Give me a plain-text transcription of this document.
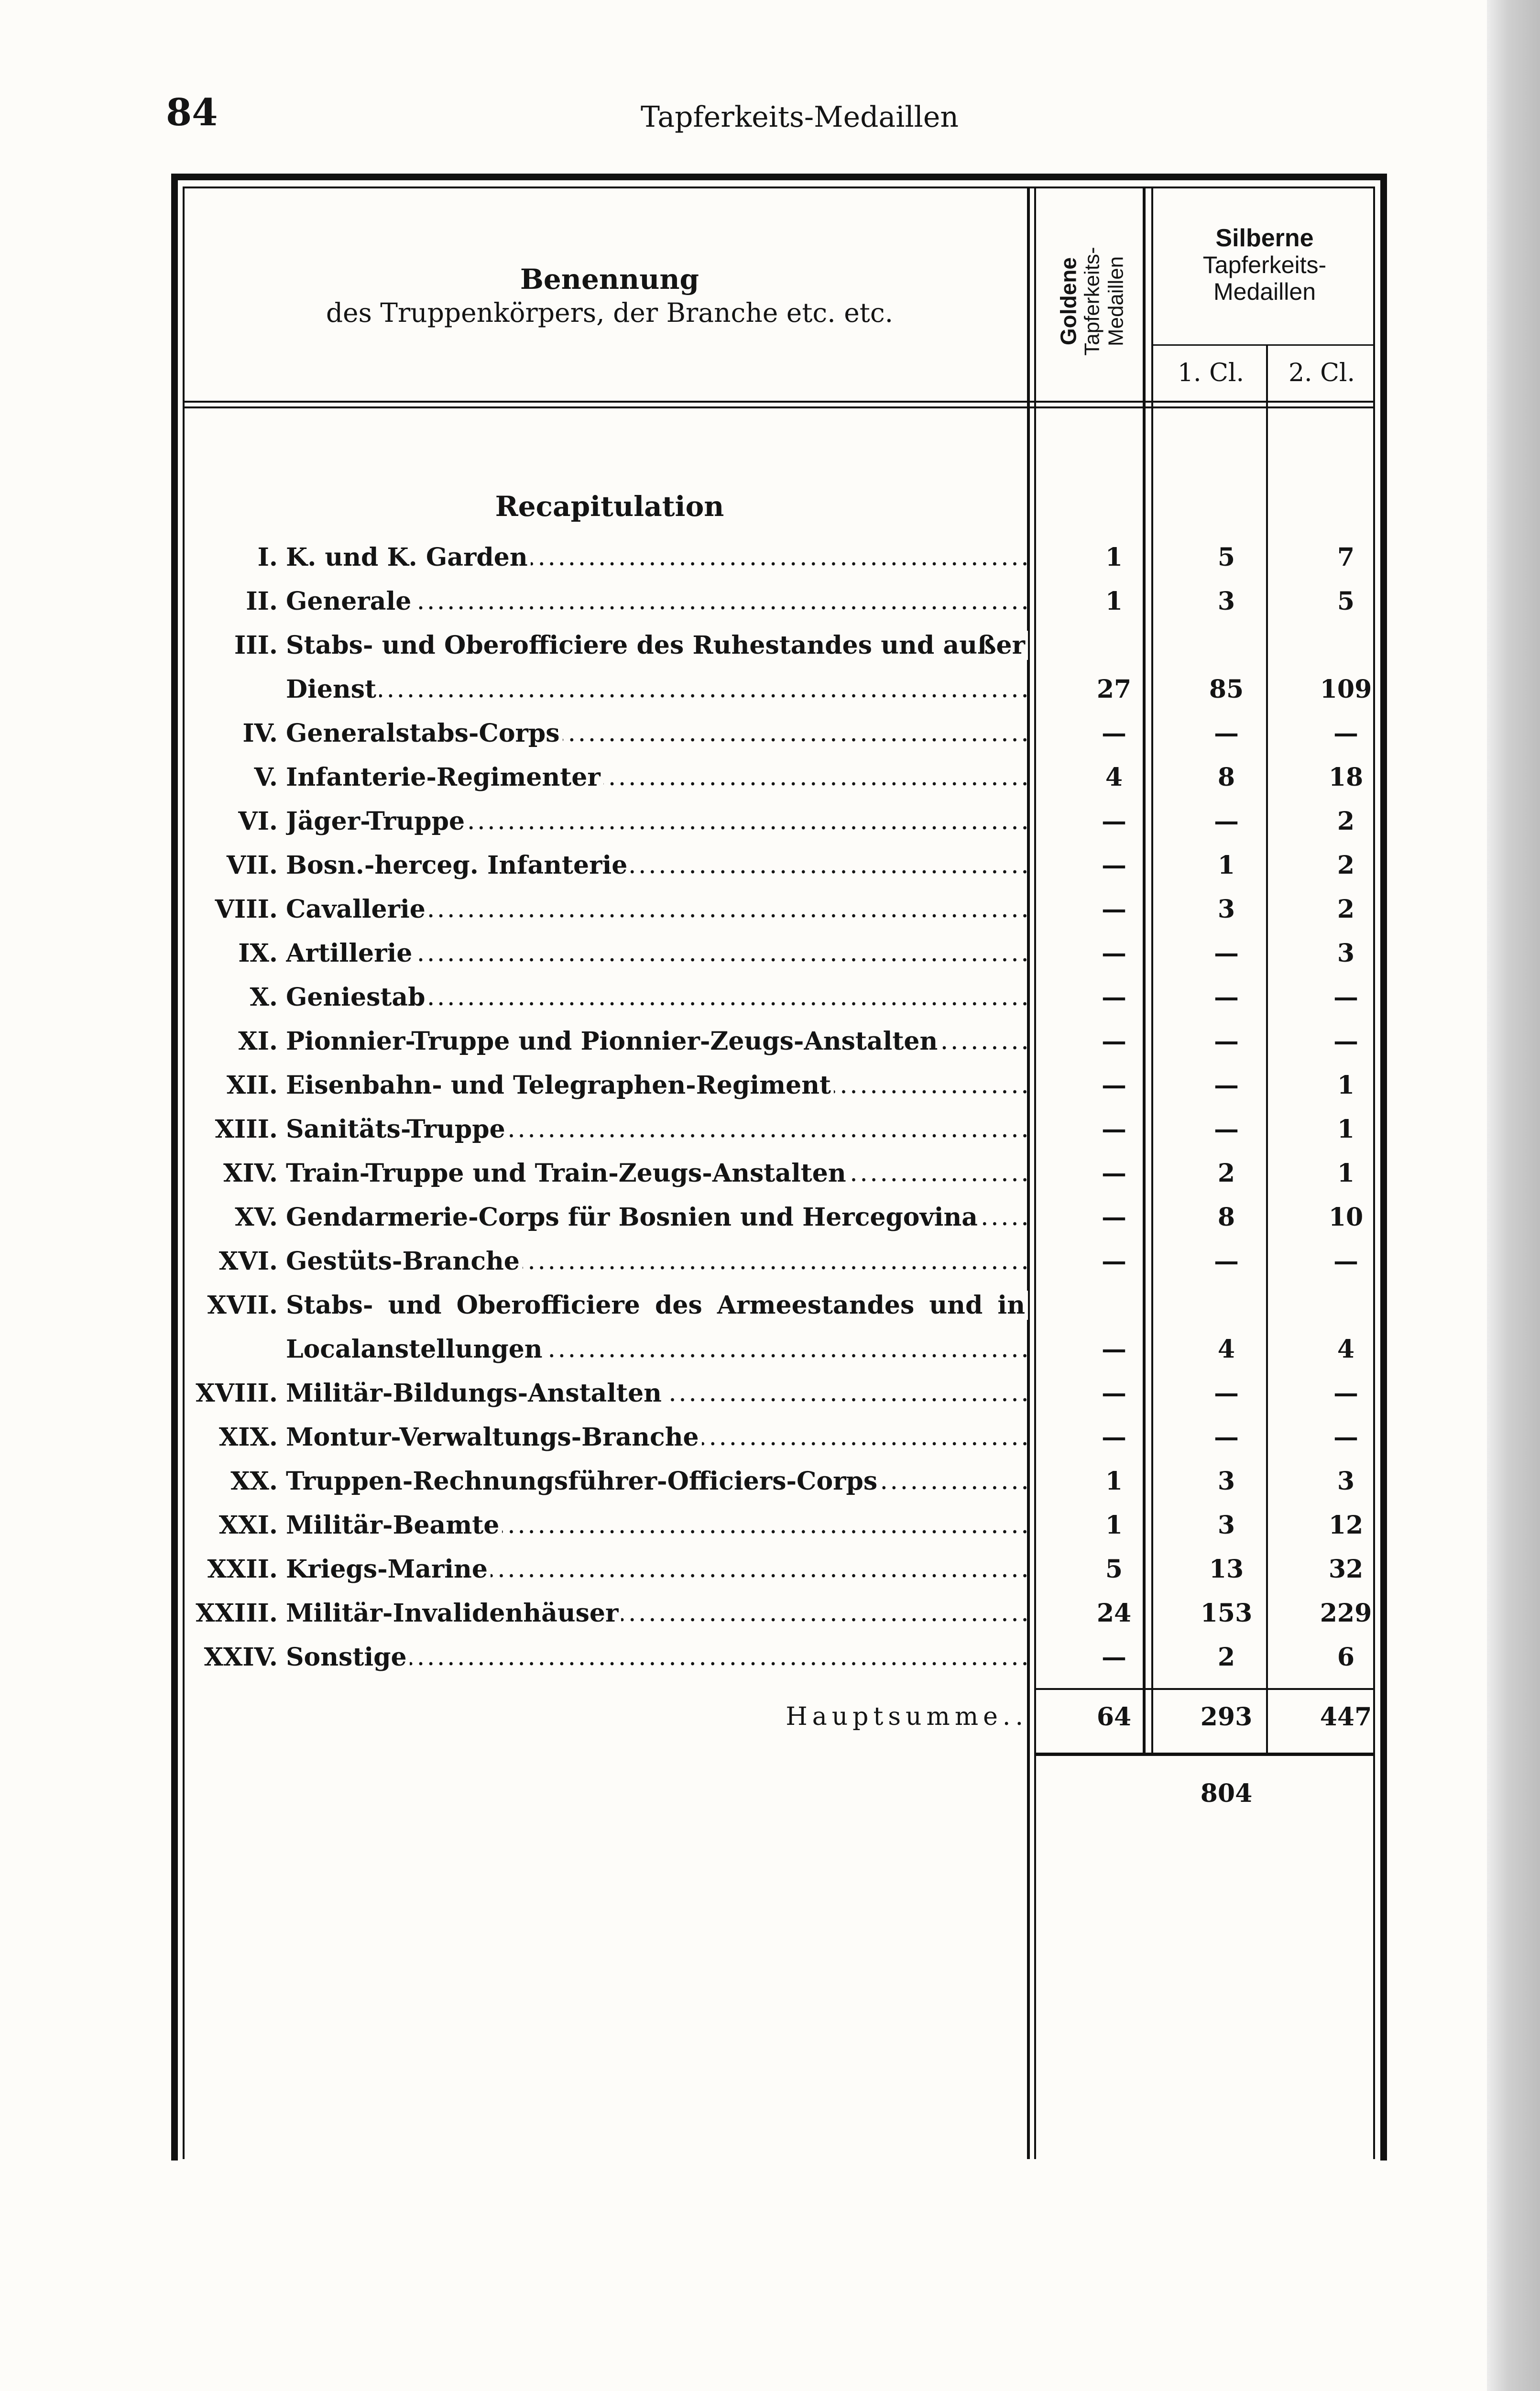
84	Tapferkeits-Medaillen
Benennung
des Truppenkörpers, der Branche etc. etc.	Goldene Tapferkeits- Medaillen
Silberne
Tapferkeits-
Medaillen
1. Cl.	2. Cl.
Recapitulation
I. K. und K. Garden . . .	1	5	7
II. Generale . . .	1	3	5
III. Stabs- und Oberofficiere des Ruhestandes und außer
Dienst . . .	27	85	109
IV. Generalstabs-Corps . . .	—	—	—
V. Infanterie-Regimenter . . .	4	8	18
VI. Jäger-Truppe . . .	—	—	2
VII. Bosn.-herceg. Infanterie . . .	—	1	2
VIII. Cavallerie . . .	—	3	2
IX. Artillerie . . .	—	—	3
X. Geniestab . . .	—	—	—
XI. Pionnier-Truppe und Pionnier-Zeugs-Anstalten . . .	—	—	—
XII. Eisenbahn- und Telegraphen-Regiment . . .	—	—	1
XIII. Sanitäts-Truppe . . .	—	—	1
XIV. Train-Truppe und Train-Zeugs-Anstalten . . .	—	2	1
XV. Gendarmerie-Corps für Bosnien und Hercegovina . . .	—	8	10
XVI. Gestüts-Branche . . .	—	—	—
XVII. Stabs- und Oberofficiere des Armeestandes und in
Localanstellungen . . .	—	4	4
XVIII. Militär-Bildungs-Anstalten . . .	—	—	—
XIX. Montur-Verwaltungs-Branche . . .	—	—	—
XX. Truppen-Rechnungsführer-Officiers-Corps . . .	1	3	3
XXI. Militär-Beamte . . .	1	3	12
XXII. Kriegs-Marine . . .	5	13	32
XXIII. Militär-Invalidenhäuser . . .	24	153	229
XXIV. Sonstige . . .	—	2	6
Hauptsumme..	64	293	447
804
